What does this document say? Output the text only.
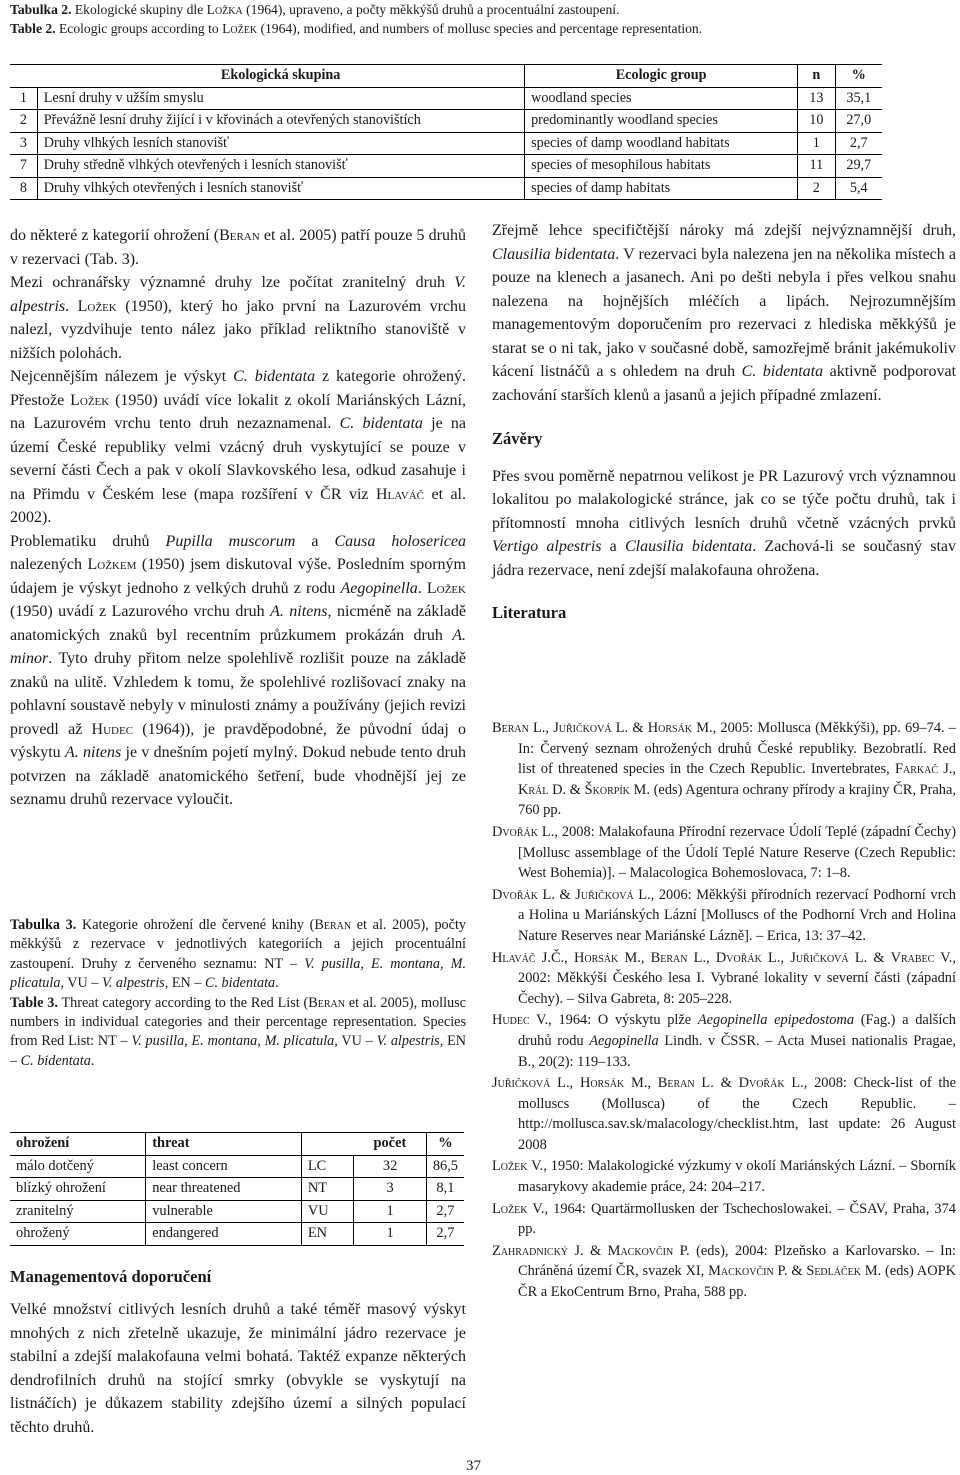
Tabulka 2. Ekologické skupiny dle Ložka (1964), upraveno, a počty měkkýšů druhů a procentuální zastoupení.
Table 2. Ecologic groups according to Ložek (1964), modified, and numbers of mollusc species and percentage representation.
	Ekologická skupina	Ecologic group	n	%
1	Lesní druhy v užším smyslu	woodland species	13	35,1
2	Převážně lesní druhy žijící i v křovinách a otevřených stanovištích	predominantly woodland species	10	27,0
3	Druhy vlhkých lesních stanovišť	species of damp woodland habitats	1	2,7
7	Druhy středně vlhkých otevřených i lesních stanovišť	species of mesophilous habitats	11	29,7
8	Druhy vlhkých otevřených i lesních stanovišť	species of damp habitats	2	5,4

do některé z kategorií ohrožení (Beran et al. 2005) patří pouze 5 druhů v rezervaci (Tab. 3).

Mezi ochranářsky významné druhy lze počítat zranitelný druh V. alpestris. Ložek (1950), který ho jako první na Lazurovém vrchu nalezl, vyzdvihuje tento nález jako příklad reliktního stanoviště v nižších polohách.

Nejcennějším nálezem je výskyt C. bidentata z kategorie ohrožený. Přestože Ložek (1950) uvádí více lokalit z okolí Mariánských Lázní, na Lazurovém vrchu tento druh nezaznamenal. C. bidentata je na území České republiky velmi vzácný druh vyskytující se pouze v severní části Čech a pak v okolí Slavkovského lesa, odkud zasahuje i na Přimdu v Českém lese (mapa rozšíření v ČR viz Hlaváč et al. 2002).

Problematiku druhů Pupilla muscorum a Causa holosericea nalezených Ložkem (1950) jsem diskutoval výše. Posledním sporným údajem je výskyt jednoho z velkých druhů z rodu Aegopinella. Ložek (1950) uvádí z Lazurového vrchu druh A. nitens, nicméně na základě anatomických znaků byl recentním průzkumem prokázán druh A. minor. Tyto druhy přitom nelze spolehlivě rozlišit pouze na základě znaků na ulitě. Vzhledem k tomu, že spolehlivé rozlišovací znaky na pohlavní soustavě nebyly v minulosti známy a používány (jejich revizi provedl až Hudec (1964)), je pravděpodobné, že původní údaj o výskytu A. nitens je v dnešním pojetí mylný. Dokud nebude tento druh potvrzen na základě anatomického šetření, bude vhodnější jej ze seznamu druhů rezervace vyloučit.

Tabulka 3. Kategorie ohrožení dle červené knihy (Beran et al. 2005), počty měkkýšů z rezervace v jednotlivých kategoriích a jejich procentuální zastoupení. Druhy z červeného seznamu: NT – V. pusilla, E. montana, M. plicatula, VU – V. alpestris, EN – C. bidentata.

Table 3. Threat category according to the Red List (Beran et al. 2005), mollusc numbers in individual categories and their percentage representation. Species from Red List: NT – V. pusilla, E. montana, M. plicatula, VU – V. alpestris, EN – C. bidentata.

ohrožení	threat		počet	%
málo dotčený	least concern	LC	32	86,5
blízký ohrožení	near threatened	NT	3	8,1
zranitelný	vulnerable	VU	1	2,7
ohrožený	endangered	EN	1	2,7
Managementová doporučení

Velké množství citlivých lesních druhů a také téměř masový výskyt mnohých z nich zřetelně ukazuje, že minimální jádro rezervace je stabilní a zdejší malakofauna velmi bohatá. Taktéž expanze některých dendrofilních druhů na stojící smrky (obvykle se vyskytují na listnáčích) je důkazem stability zdejšího území a silných populací těchto druhů.

Zřejmě lehce specifičtější nároky má zdejší nejvýznamnější druh, Clausilia bidentata. V rezervaci byla nalezena jen na několika místech a pouze na klenech a jasanech. Ani po dešti nebyla i přes velkou snahu nalezena na hojnějších mléčích a lipách. Nejrozumnějším managementovým doporučením pro rezervaci z hlediska měkkýšů je starat se o ni tak, jako v současné době, samozřejmě bránit jakémukoliv kácení listnáčů a s ohledem na druh C. bidentata aktivně podporovat zachování starších klenů a jasanů a jejich případné zmlazení.

Závěry

Přes svou poměrně nepatrnou velikost je PR Lazurový vrch významnou lokalitou po malakologické stránce, jak co se týče počtu druhů, tak i přítomností mnoha citlivých lesních druhů včetně vzácných prvků Vertigo alpestris a Clausilia bidentata. Zachová-li se současný stav jádra rezervace, není zdejší malakofauna ohrožena.

Literatura

Beran L., Juřičková L. & Horsák M., 2005: Mollusca (Měkkýši), pp. 69–74. – In: Červený seznam ohrožených druhů České republiky. Bezobratlí. Red list of threatened species in the Czech Republic. Invertebrates, Farkač J., Král D. & Škorpík M. (eds) Agentura ochrany přírody a krajiny ČR, Praha, 760 pp.

Dvořák L., 2008: Malakofauna Přírodní rezervace Údolí Teplé (západní Čechy) [Mollusc assemblage of the Údolí Teplé Nature Reserve (Czech Republic: West Bohemia)]. – Malacologica Bohemoslovaca, 7: 1–8.

Dvořák L. & Juřičková L., 2006: Měkkýši přírodních rezervací Podhorní vrch a Holina u Mariánských Lázní [Molluscs of the Podhorní Vrch and Holina Nature Reserves near Mariánské Lázně]. – Erica, 13: 37–42.

Hlaváč J.Č., Horsák M., Beran L., Dvořák L., Juřičková L. & Vrabec V., 2002: Měkkýši Českého lesa I. Vybrané lokality v severní části (západní Čechy). – Silva Gabreta, 8: 205–228.

Hudec V., 1964: O výskytu plže Aegopinella epipedostoma (Fag.) a dalších druhů rodu Aegopinella Lindh. v ČSSR. – Acta Musei nationalis Pragae, B., 20(2): 119–133.

Juřičková L., Horsák M., Beran L. & Dvořák L., 2008: Check-list of the molluscs (Mollusca) of the Czech Republic. – http://mollusca.sav.sk/malacology/checklist.htm, last update: 26 August 2008

Ložek V., 1950: Malakologické výzkumy v okolí Mariánských Lázní. – Sborník masarykovy akademie práce, 24: 204–217.

Ložek V., 1964: Quartärmollusken der Tschechoslowakei. – ČSAV, Praha, 374 pp.

Zahradnický J. & Mackovčin P. (eds), 2004: Plzeňsko a Karlovarsko. – In: Chráněná území ČR, svazek XI, Mackovčin P. & Sedláček M. (eds) AOPK ČR a EkoCentrum Brno, Praha, 588 pp.

37
